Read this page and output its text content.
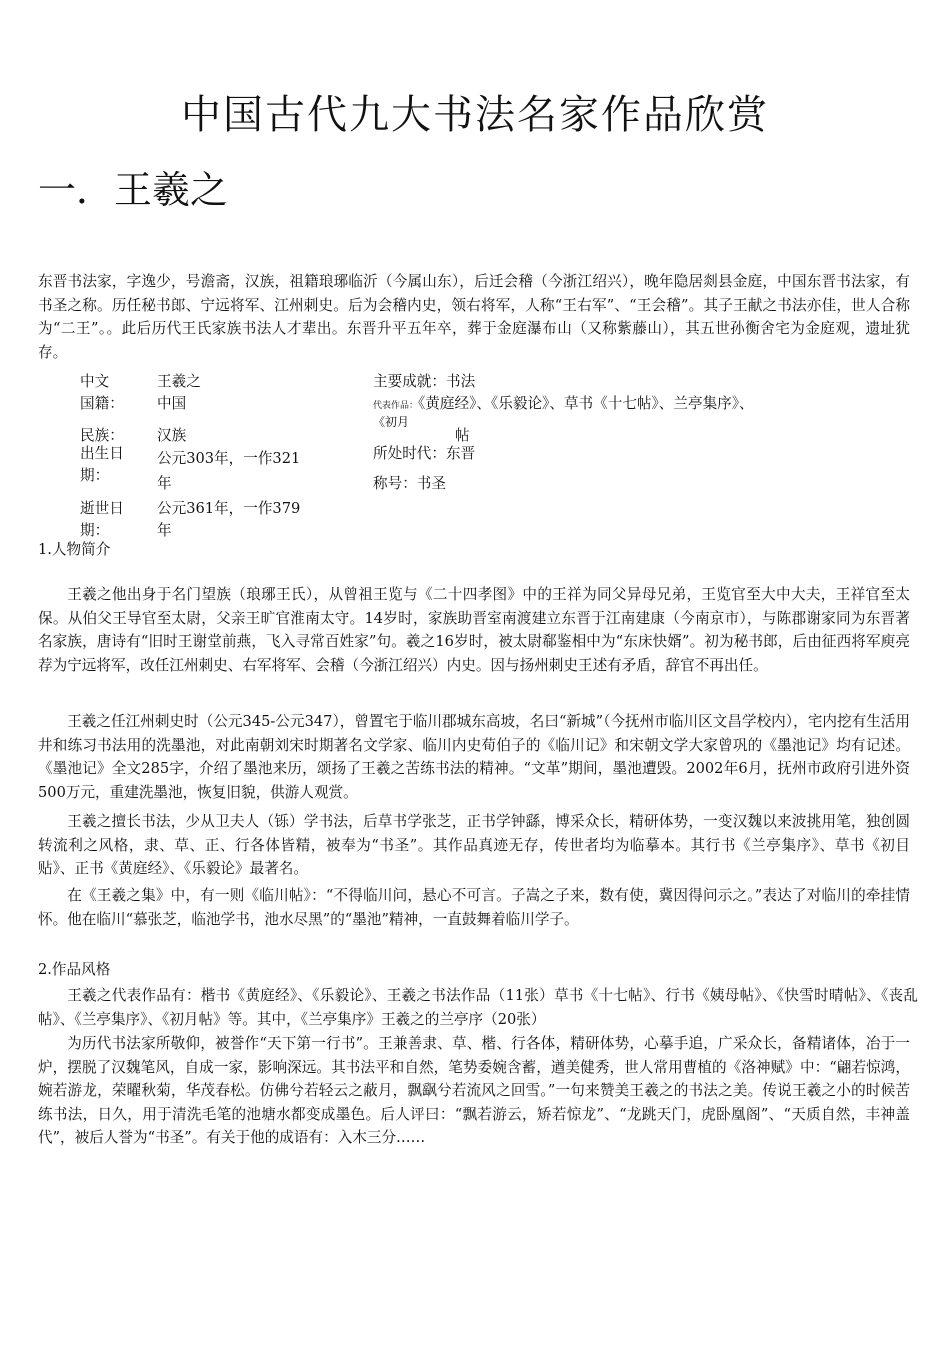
中国古代九大书法名家作品欣赏
一．王羲之
东晋书法家，字逸少，号澹斋，汉族，祖籍琅琊临沂（今属山东），后迁会稽（今浙江绍兴），晚年隐居剡县金庭，中国东晋书法家，有书圣之称。历任秘书郎、宁远将军、江州刺史。后为会稽内史，领右将军，人称“王右军”、“王会稽”。其子王献之书法亦佳，世人合称为“二王”。。此后历代王氏家族书法人才辈出。东晋升平五年卒，葬于金庭瀑布山（又称紫藤山），其五世孙衡舍宅为金庭观，遗址犹存。
中文	王羲之
国籍： 中国
民族： 汉族
出生日期：
公元303年，一作321
年
逝世日
期：
公元361年，一作379
年
主要成就：书法
代表作品：《黄庭经》、《乐毅论》、草书《十七帖》、兰亭集序》、
《初月
帖
所处时代：东晋
称号：书圣
1.人物简介
王羲之他出身于名门望族（琅琊王氏），从曾祖王览与《二十四孝图》中的王祥为同父异母兄弟，王览官至大中大夫，王祥官至太保。从伯父王导官至太尉，父亲王旷官淮南太守。14岁时，家族助晋室南渡建立东晋于江南建康（今南京市），与陈郡谢家同为东晋著名家族，唐诗有“旧时王谢堂前燕，飞入寻常百姓家”句。羲之16岁时，被太尉郗鉴相中为“东床快婿”。初为秘书郎，后由征西将军庾亮荐为宁远将军，改任江州刺史、右军将军、会稽（今浙江绍兴）内史。因与扬州刺史王述有矛盾，辞官不再出任。
王羲之任江州刺史时（公元345-公元347），曾置宅于临川郡城东高坡，名曰“新城”（今抚州市临川区文昌学校内），宅内挖有生活用井和练习书法用的洗墨池，对此南朝刘宋时期著名文学家、临川内史荀伯子的《临川记》和宋朝文学大家曾巩的《墨池记》均有记述。《墨池记》全文285字，介绍了墨池来历，颂扬了王羲之苦练书法的精神。“文革”期间，墨池遭毁。2002年6月，抚州市政府引进外资500万元，重建洗墨池，恢复旧貌，供游人观赏。
王羲之擅长书法，少从卫夫人（铄）学书法，后草书学张芝，正书学钟繇，博采众长，精研体势，一变汉魏以来波挑用笔，独创圆转流利之风格，隶、草、正、行各体皆精，被奉为“书圣”。其作品真迹无存，传世者均为临摹本。其行书《兰亭集序》、草书《初目贴》、正书《黄庭经》、《乐毅论》最著名。
在《王羲之集》中，有一则《临川帖》：“不得临川问，悬心不可言。子嵩之子来，数有使，冀因得问示之。”表达了对临川的牵挂情怀。他在临川“慕张芝，临池学书，池水尽黑”的“墨池”精神，一直鼓舞着临川学子。
2.作品风格
王羲之代表作品有：楷书《黄庭经》、《乐毅论》、王羲之书法作品（11张）草书《十七帖》、行书《姨母帖》、《快雪时晴帖》、《丧乱帖》、《兰亭集序》、《初月帖》等。其中，《兰亭集序》王羲之的兰亭序（20张）
为历代书法家所敬仰，被誉作“天下第一行书”。王兼善隶、草、楷、行各体，精研体势，心摹手追，广采众长，备精诸体，冶于一炉，摆脱了汉魏笔风，自成一家，影响深远。其书法平和自然，笔势委婉含蓄，遒美健秀，世人常用曹植的《洛神赋》中：“翩若惊鸿，婉若游龙，荣曜秋菊，华茂春松。仿佛兮若轻云之蔽月，飘飖兮若流风之回雪。”一句来赞美王羲之的书法之美。传说王羲之小的时候苦练书法，日久，用于清洗毛笔的池塘水都变成墨色。后人评曰：“飘若游云，矫若惊龙”、“龙跳天门，虎卧凰阁”、“天质自然，丰神盖代”，被后人誉为“书圣”。有关于他的成语有：入木三分……
